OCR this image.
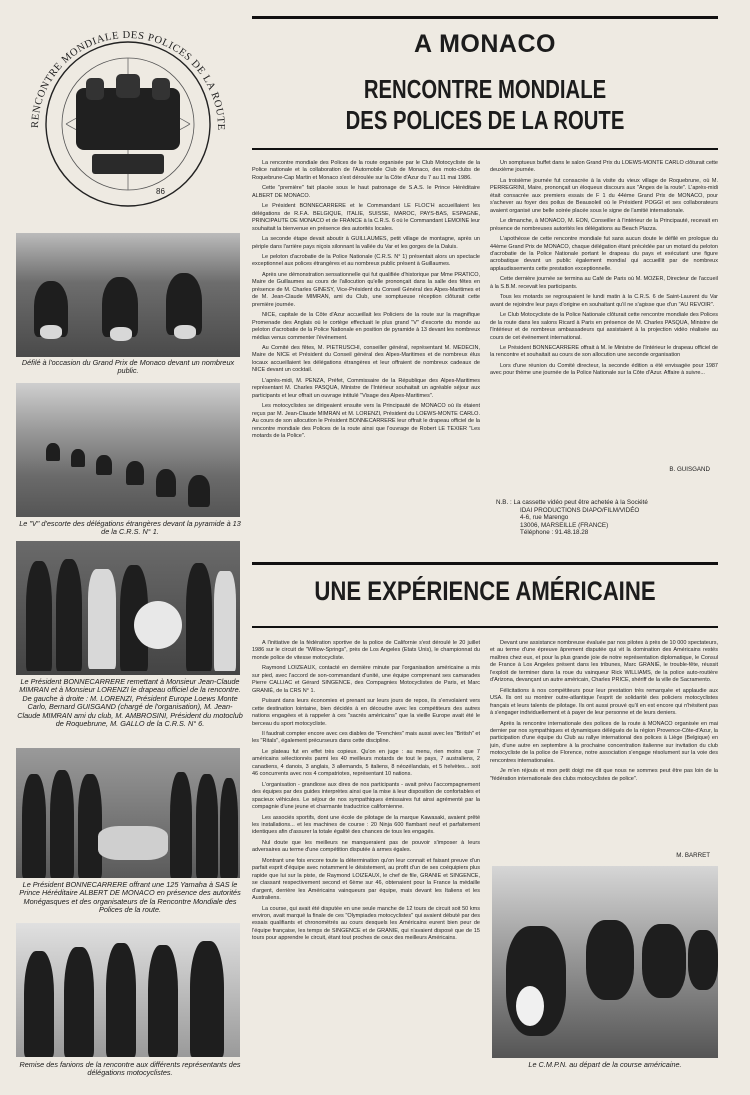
86
RENCONTRE MONDIALE DES POLICES DE LA ROUTE
Défilé à l'occasion du Grand Prix de Monaco devant un nombreux public.
Le "V" d'escorte des délégations étrangères devant la pyramide à 13 de la C.R.S. N° 1.
Le Président BONNECARRERE remettant à Monsieur Jean-Claude MIMRAN et à Monsieur LORENZI le drapeau officiel de la rencontre. De gauche à droite : M. LORENZI, Président Europe Loews Monte Carlo, Bernard GUISGAND (chargé de l'organisation), M. Jean-Claude MIMRAN ami du club, M. AMBROSINI, Président du motoclub de Roquebrune, M. GALLO de la C.R.S. N° 6.
Le Président BONNECARRERE offrant une 125 Yamaha à SAS le Prince Héréditaire ALBERT DE MONACO en présence des autorités Monégasques et des organisateurs de la Rencontre Mondiale des Polices de la route.
Remise des fanions de la rencontre aux différents représentants des délégations motocyclistes.
A MONACO
RENCONTRE MONDIALE
DES POLICES DE LA ROUTE

La rencontre mondiale des Polices de la route organisée par le Club Motocycliste de la Police nationale et la collaboration de l'Automobile Club de Monaco, des moto-clubs de Roquebrune-Cap Martin et Monaco s'est déroulée sur la Côte d'Azur du 7 au 11 mai 1986.

Cette "première" fait placée sous le haut patronage de S.A.S. le Prince Héréditaire ALBERT DE MONACO.

Le Président BONNECARRERE et le Commandant LE FLOC'H accueillaient les délégations de R.F.A. BELGIQUE, ITALIE, SUISSE, MAROC, PAYS-BAS, ESPAGNE, PRINCIPAUTE DE MONACO et de FRANCE à la C.R.S. 6 où le Commandant LEMOINE leur souhaitait la bienvenue en présence des autorités locales.

La seconde étape devait aboutir à GUILLAUMES, petit village de montagne, après un périple dans l'arrière pays niçois silonnant la vallée du Var et les gorges de la Daluis.

Le peloton d'acrobatie de la Police Nationale (C.R.S. N° 1) présentait alors un spectacle exceptionnel aux polices étrangères et au nombreux public présent à Guillaumes.

Après une démonstration sensationnelle qui fut qualifiée d'historique par Mme PRATICO, Maire de Guillaumes au cours de l'allocution qu'elle prononçait dans la salle des fêtes en présence de M. Charles GINESY, Vice-Président du Conseil Général des Alpes-Maritimes et de M. Jean-Claude MIMRAN, ami du Club, une somptueuse réception clôturait cette première journée.

NICE, capitale de la Côte d'Azur accueillait les Policiers de la route sur la magnifique Promenade des Anglais où le cortège effectuait le plus grand "V" d'escorte du monde au peloton d'acrobatie de la Police Nationale en position de pyramide à 13 devant les nombreux médias venus commenter l'événement.

Au Comité des fêtes, M. PIETRUSCHI, conseiller général, représentant M. MEDECIN, Maire de NICE et Président du Conseil général des Alpes-Maritimes et de nombreux élus locaux accueillaient les délégations étrangères et leur offraient de nombreux cadeaux de NICE devant un cocktail.

L'après-midi, M. PENZA, Préfet, Commissaire de la République des Alpes-Maritimes représentant M. Charles PASQUA, Ministre de l'Intérieur souhaitait un agréable séjour aux participants et leur offrait un ouvrage intitulé "Visage des Alpes-Maritimes".

Les motocyclistes se dirigeaient ensuite vers la Principauté de MONACO où ils étaient reçus par M. Jean-Claude MIMRAN et M. LORENZI, Président du LOEWS-MONTE CARLO. Au cours de son allocution le Président BONNECARRERE leur offrait le drapeau officiel de la rencontre mondiale des Polices de la route ainsi que l'ouvrage de Robert LE TEXIER "Les motards de la Police".

Un somptueux buffet dans le salon Grand Prix du LOEWS-MONTE CARLO clôturait cette deuxième journée.

La troisième journée fut consacrée à la visite du vieux village de Roquebrune, où M. PERREGRINI, Maire, prononçait un éloqueux discours aux "Anges de la route". L'après-midi était consacrée aux premiers essais de F 1 du 44ème Grand Prix de MONACO, pour s'achever au foyer des poilus de Beausoleil où le Président POGGI et ses collaborateurs avaient organisé une belle soirée placée sous le signe de l'amitié internationale.

Le dimanche, à MONACO, M. EON, Conseiller à l'intérieur de la Principauté, recevait en présence de nombreuses autorités les délégations au Beach Plazza.

L'apothéose de cette rencontre mondiale fut sans aucun doute le défilé en prologue du 44ème Grand Prix de MONACO, chaque délégation étant précédée par un motard du peloton d'acrobatie de la Police Nationale portant le drapeau du pays et exécutant une figure acrobatique devant un public également mondial qui accueillit par de nombreux applaudissements cette prestation exceptionnelle.

Cette dernière journée se termina au Café de Paris où M. MOZER, Directeur de l'accueil à la S.B.M. recevait les participants.

Tous les motards se regroupaient le lundi matin à la C.R.S. 6 de Saint-Laurent du Var avant de rejoindre leur pays d'origine en souhaitant qu'il ne s'agisse que d'un "AU REVOIR".

Le Club Motocycliste de la Police Nationale clôturait cette rencontre mondiale des Polices de la route dans les salons Ricard à Paris en présence de M. Charles PASQUA, Ministre de l'Intérieur et de nombreux ambassadeurs qui assistaient à la projection vidéo réalisée au cours de cet événement international.

Le Président BONNECARRERE offrait à M. le Ministre de l'Intérieur le drapeau officiel de la rencontre et souhaitait au cours de son allocution une seconde organisation

Lors d'une réunion du Comité directeur, la seconde édition a été envisagée pour 1987 avec pour thème une journée de la Police Nationale sur la Côte d'Azur. Affaire à suivre...

B. GUISGAND
N.B. : La cassette vidéo peut être achetée à la Société
IDAI PRODUCTIONS DIAPO/FILM/VIDÉO
4-6, rue Marengo
13006, MARSEILLE (FRANCE)
Téléphone : 91.48.18.28
UNE EXPÉRIENCE AMÉRICAINE

A l'initiative de la fédération sportive de la police de Californie s'est déroulé le 20 juillet 1986 sur le circuit de "Willow-Springs", près de Los Angeles (Etats Unis), le championnat du monde police de vitesse motocycliste.

Raymond LOIZEAUX, contacté en dernière minute par l'organisation américaine a mis sur pied, avec l'accord de son-commandant d'unité, une équipe comprenant ses camarades Pierre CALLIAC et Gérard SINGENCE, des Compagnies Motocyclistes de Paris, et Marc GRANIÉ, de la CRS N° 1.

Puisant dans leurs économies et prenant sur leurs jours de repos, ils s'envolaient vers cette destination lointaine, bien décidés à en découdre avec les compétiteurs des autres nations engagées et à rappeler à ces "sacrés américains" que la vieille Europe avait été le berceau du sport motocycliste.

Il faudrait compter encore avec ces diables de "Frenchies" mais aussi avec les "British" et les "Ritals", également précurseurs dans cette discipline.

Le plateau fut en effet très copieux. Qu'on en juge : au menu, rien moins que 7 américains sélectionnés parmi les 40 meilleurs motards de tout le pays, 7 australiens, 2 canadiens, 4 danois, 3 anglais, 3 allemands, 5 italiens, 8 néozélandais, et 5 helvètes... soit 46 concurrents avec nos 4 compatriotes, représentant 10 nations.

L'organisation - grandiose aux dires de nos participants - avait prévu l'accompagnement des équipes par des guides interprètes ainsi que la mise à leur disposition de confortables et spacieux véhicules. Le séjour de nos sympathiques émissaires fut ainsi agrémenté par la compagnie d'une jeune et charmante traductrice californienne.

Les associés sportifs, dont une école de pilotage de la marque Kawasaki, avaient prêté les installations... et les machines de course : 20 Ninja 600 flambant neuf et parfaitement identiques afin d'assurer la totale égalité des chances de tous les engagés.

Nul doute que les meilleurs ne manqueraient pas de pouvoir s'imposer à leurs adversaires au terme d'une compétition disputée à armes égales.

Montrant une fois encore toute la détermination qu'on leur connait et faisant preuve d'un parfait esprit d'équipe avec notamment le désistement, au profit d'un de ses coéquipiers plus rapide que lui sur la piste, de Raymond LOIZEAUX, le chef de file, GRANIE et SINGENCE, se classant respectivement second et 6ème sur 46, obtenaient pour la France la médaille d'argent, derrière les Américains vainqueurs par équipe, mais devant les Italiens et les Australiens.

La course, qui avait été disputée en une seule manche de 12 tours de circuit soit 50 kms environ, avait marqué la finale de ces "Olympiades motocyclistes" qui avaient débuté par des essais qualifiants et chronométrés au cours desquels les Américains eurent bien peur de l'équipe française, les temps de SINGENCE et de GRANIE, qui n'avaient disposé que de 15 tours pour apprendre le circuit, étant tout proches de ceux des meilleurs Américains.

Devant une assistance nombreuse évaluée par nos pilotes à près de 10 000 spectateurs, et au terme d'une épreuve âprement disputée qui vit la domination des Américains restés maîtres chez eux, et pour la plus grande joie de notre représentation diplomatique, le Consul de France à Los Angeles présent dans les tribunes, Marc GRANIÉ, le trouble-fête, réussit l'exploit de terminer dans la roue du vainqueur Rick WILLIAMS, de la police auto-routière d'Arizona, devançant un autre américain, Charles PRICE, shériff de la ville de Sacramento.

Félicitations à nos compétiteurs pour leur prestation très remarquée et applaudie aux USA. Ils ont su montrer outre-atlantique l'esprit de solidarité des policiers motocyclistes français et leurs talents de pilotage. Ils ont aussi prouvé qu'il en est encore qui n'hésitent pas à s'engager individuellement et à payer de leur personne et de leurs deniers.

Après la rencontre internationale des polices de la route à MONACO organisée en mai dernier par nos sympathiques et dynamiques délégués de la région Provence-Côte-d'Azur, la participation d'une équipe du Club au rallye international des polices à Liège (Belgique) en juin, d'une autre en septembre à la prochaine concentration italienne sur invitation du club motocycliste de la police de Florence, notre association s'engage résolument sur la voie des rencontres internationales.

Je m'en réjouis et mon petit doigt me dit que nous ne sommes peut être pas loin de la "fédération internationale des clubs motocyclistes de police".

M. BARRET
Le C.M.P.N. au départ de la course américaine.
